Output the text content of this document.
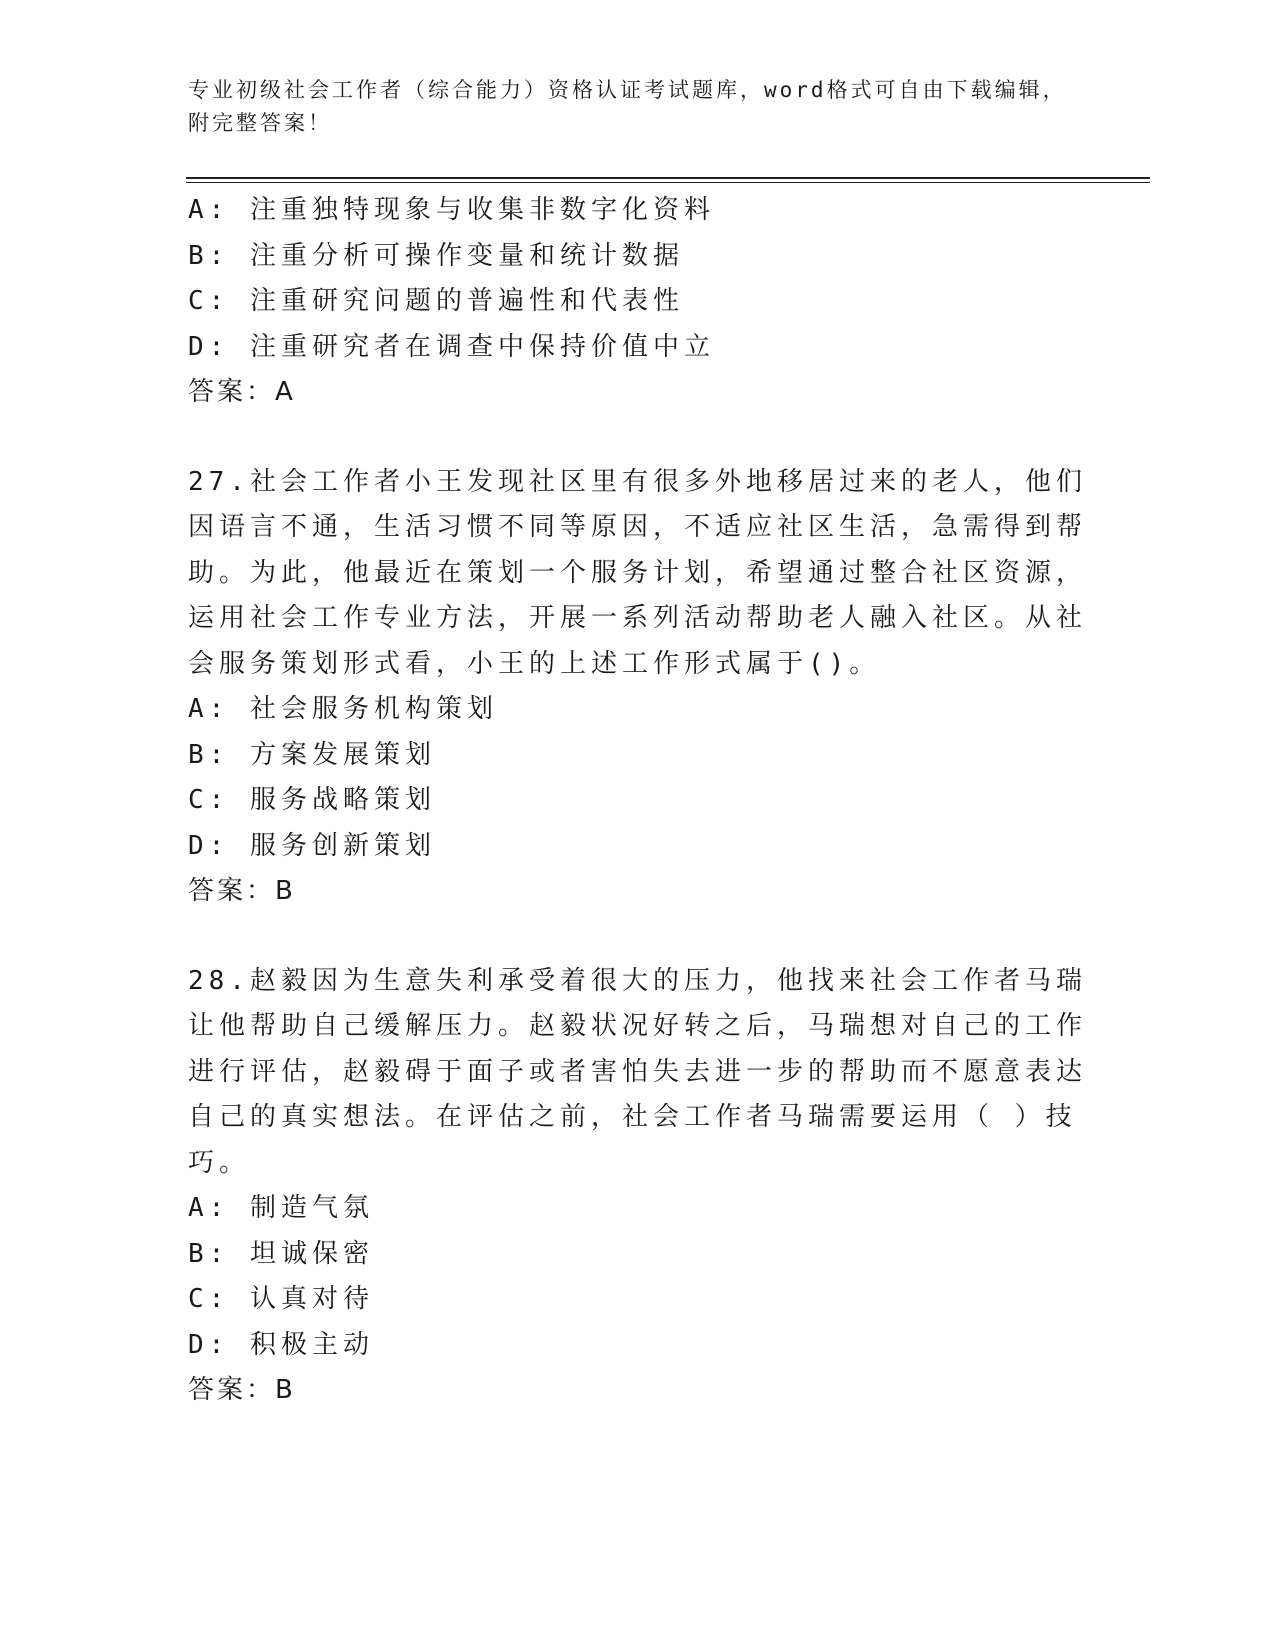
专业初级社会工作者（综合能力）资格认证考试题库，word格式可自由下载编辑，附完整答案！
A: 注重独特现象与收集非数字化资料
B: 注重分析可操作变量和统计数据
C: 注重研究问题的普遍性和代表性
D: 注重研究者在调查中保持价值中立
答案：A
27.社会工作者小王发现社区里有很多外地移居过来的老人，他们因语言不通，生活习惯不同等原因，不适应社区生活，急需得到帮助。为此，他最近在策划一个服务计划，希望通过整合社区资源，运用社会工作专业方法，开展一系列活动帮助老人融入社区。从社会服务策划形式看，小王的上述工作形式属于()。
A: 社会服务机构策划
B: 方案发展策划
C: 服务战略策划
D: 服务创新策划
答案：B
28.赵毅因为生意失利承受着很大的压力，他找来社会工作者马瑞让他帮助自己缓解压力。赵毅状况好转之后，马瑞想对自己的工作进行评估，赵毅碍于面子或者害怕失去进一步的帮助而不愿意表达自己的真实想法。在评估之前，社会工作者马瑞需要运用（ ）技巧。
A: 制造气氛
B: 坦诚保密
C: 认真对待
D: 积极主动
答案：B
